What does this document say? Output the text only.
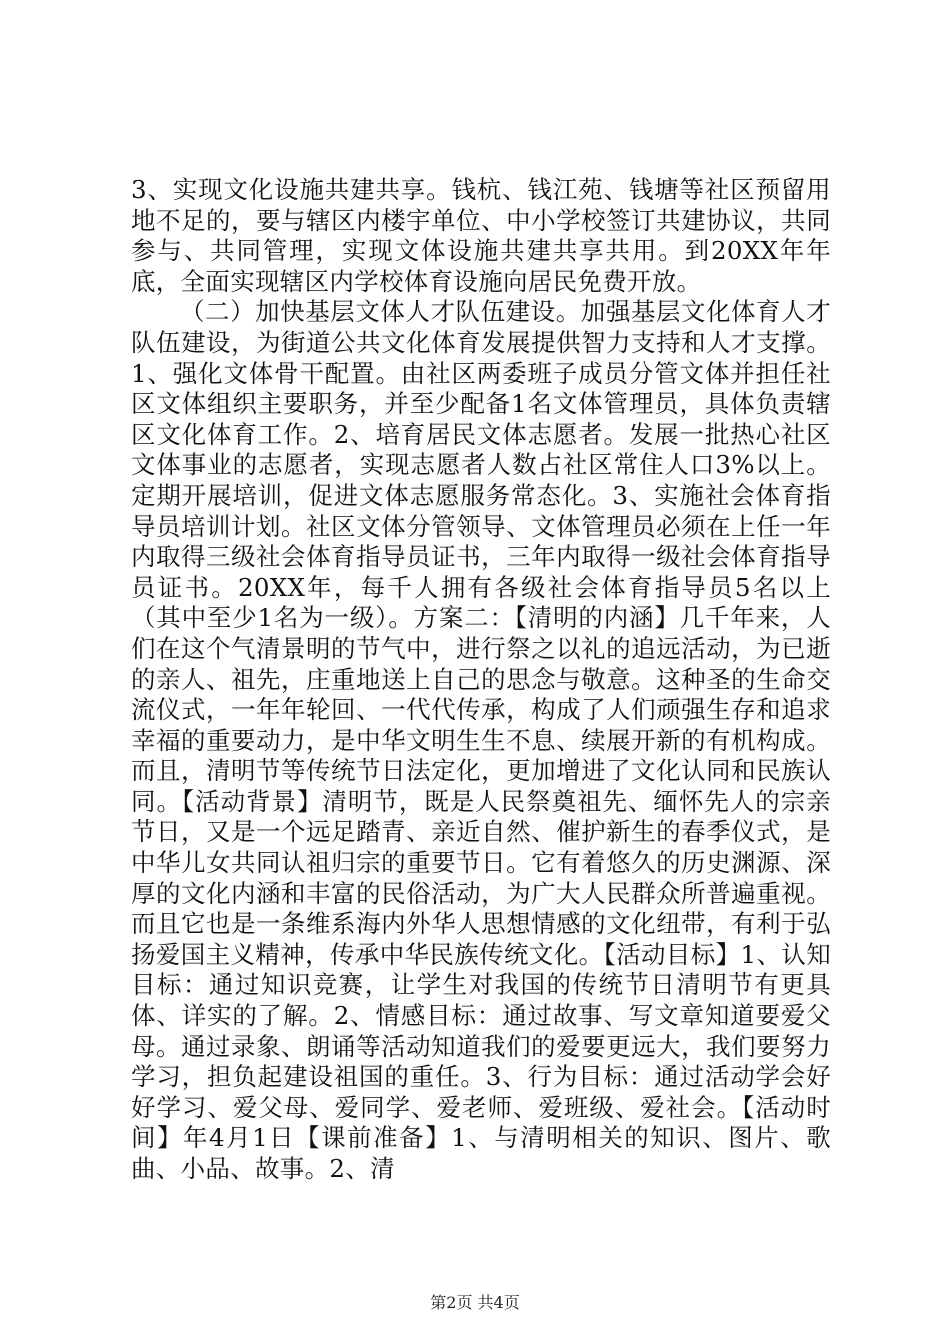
3、实现文化设施共建共享。钱杭、钱江苑、钱塘等社区预留用地不足的，要与辖区内楼宇单位、中小学校签订共建协议，共同参与、共同管理，实现文体设施共建共享共用。到20XX年年底，全面实现辖区内学校体育设施向居民免费开放。

（二）加快基层文体人才队伍建设。加强基层文化体育人才队伍建设，为街道公共文化体育发展提供智力支持和人才支撑。1、强化文体骨干配置。由社区两委班子成员分管文体并担任社区文体组织主要职务，并至少配备1名文体管理员，具体负责辖区文化体育工作。2、培育居民文体志愿者。发展一批热心社区文体事业的志愿者，实现志愿者人数占社区常住人口3%以上。定期开展培训，促进文体志愿服务常态化。3、实施社会体育指导员培训计划。社区文体分管领导、文体管理员必须在上任一年内取得三级社会体育指导员证书，三年内取得一级社会体育指导员证书。20XX年，每千人拥有各级社会体育指导员5名以上（其中至少1名为一级）。方案二：【清明的内涵】几千年来，人们在这个气清景明的节气中，进行祭之以礼的追远活动，为已逝的亲人、祖先，庄重地送上自己的思念与敬意。这种圣的生命交流仪式，一年年轮回、一代代传承，构成了人们顽强生存和追求幸福的重要动力，是中华文明生生不息、续展开新的有机构成。而且，清明节等传统节日法定化，更加增进了文化认同和民族认同。【活动背景】清明节，既是人民祭奠祖先、缅怀先人的宗亲节日，又是一个远足踏青、亲近自然、催护新生的春季仪式，是中华儿女共同认祖归宗的重要节日。它有着悠久的历史渊源、深厚的文化内涵和丰富的民俗活动，为广大人民群众所普遍重视。而且它也是一条维系海内外华人思想情感的文化纽带，有利于弘扬爱国主义精神，传承中华民族传统文化。【活动目标】1、认知目标：通过知识竞赛，让学生对我国的传统节日清明节有更具体、详实的了解。2、情感目标：通过故事、写文章知道要爱父母。通过录象、朗诵等活动知道我们的爱要更远大，我们要努力学习，担负起建设祖国的重任。3、行为目标：通过活动学会好好学习、爱父母、爱同学、爱老师、爱班级、爱社会。【活动时间】年4月1日【课前准备】1、与清明相关的知识、图片、歌曲、小品、故事。2、清

第2页 共4页
